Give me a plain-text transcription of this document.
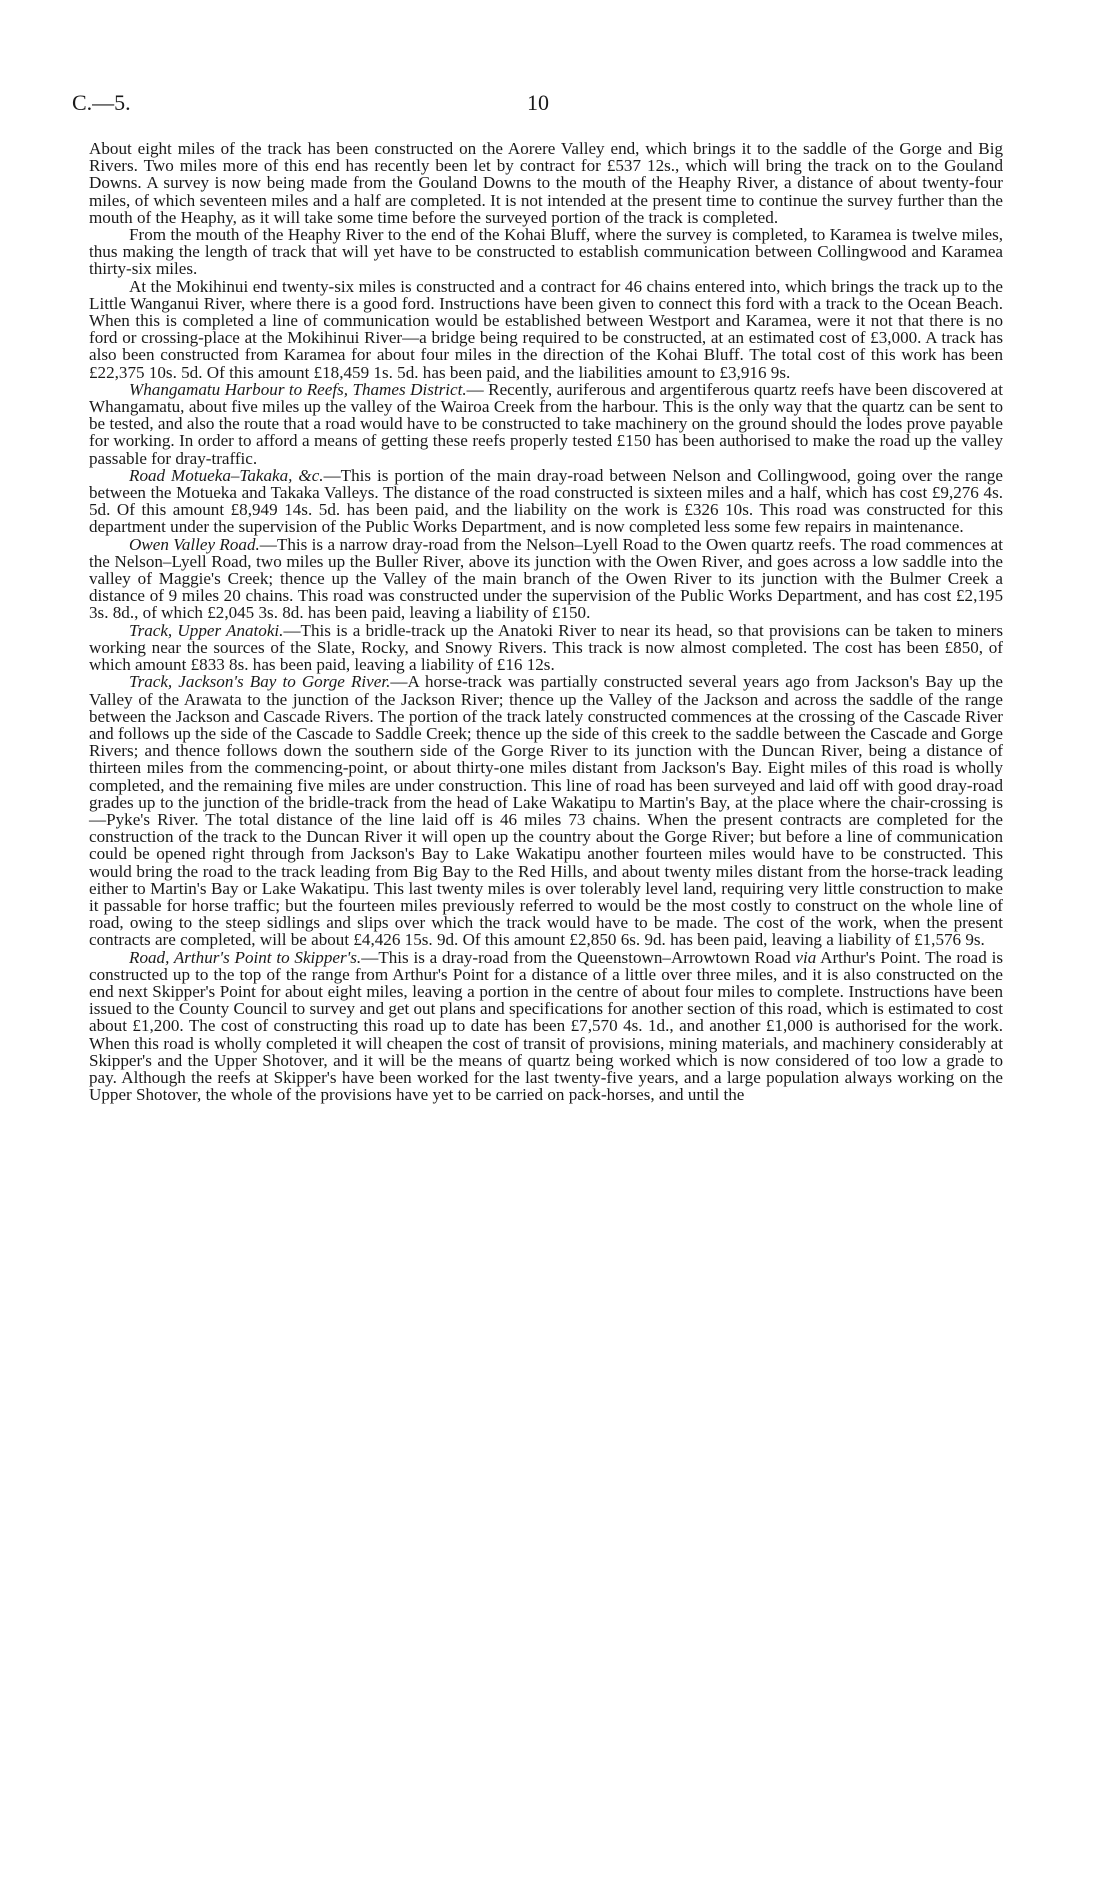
C.—5.	10

About eight miles of the track has been constructed on the Aorere Valley end, which brings it to the saddle of the Gorge and Big Rivers. Two miles more of this end has recently been let by contract for £537 12s., which will bring the track on to the Gouland Downs. A survey is now being made from the Gouland Downs to the mouth of the Heaphy River, a distance of about twenty-four miles, of which seventeen miles and a half are completed. It is not intended at the present time to continue the survey further than the mouth of the Heaphy, as it will take some time before the surveyed portion of the track is completed.

From the mouth of the Heaphy River to the end of the Kohai Bluff, where the survey is completed, to Karamea is twelve miles, thus making the length of track that will yet have to be constructed to establish communication between Collingwood and Karamea thirty-six miles.

At the Mokihinui end twenty-six miles is constructed and a contract for 46 chains entered into, which brings the track up to the Little Wanganui River, where there is a good ford. Instructions have been given to connect this ford with a track to the Ocean Beach. When this is completed a line of communication would be established between Westport and Karamea, were it not that there is no ford or crossing-place at the Mokihinui River—a bridge being required to be constructed, at an estimated cost of £3,000. A track has also been constructed from Karamea for about four miles in the direction of the Kohai Bluff. The total cost of this work has been £22,375 10s. 5d. Of this amount £18,459 1s. 5d. has been paid, and the liabilities amount to £3,916 9s.

Whangamatu Harbour to Reefs, Thames District.— Recently, auriferous and argentiferous quartz reefs have been discovered at Whangamatu, about five miles up the valley of the Wairoa Creek from the harbour. This is the only way that the quartz can be sent to be tested, and also the route that a road would have to be constructed to take machinery on the ground should the lodes prove payable for working. In order to afford a means of getting these reefs properly tested £150 has been authorised to make the road up the valley passable for dray-traffic.

Road Motueka–Takaka, &c.—This is portion of the main dray-road between Nelson and Collingwood, going over the range between the Motueka and Takaka Valleys. The distance of the road constructed is sixteen miles and a half, which has cost £9,276 4s. 5d. Of this amount £8,949 14s. 5d. has been paid, and the liability on the work is £326 10s. This road was constructed for this department under the supervision of the Public Works Department, and is now completed less some few repairs in maintenance.

Owen Valley Road.—This is a narrow dray-road from the Nelson–Lyell Road to the Owen quartz reefs. The road commences at the Nelson–Lyell Road, two miles up the Buller River, above its junction with the Owen River, and goes across a low saddle into the valley of Maggie's Creek; thence up the Valley of the main branch of the Owen River to its junction with the Bulmer Creek a distance of 9 miles 20 chains. This road was constructed under the supervision of the Public Works Department, and has cost £2,195 3s. 8d., of which £2,045 3s. 8d. has been paid, leaving a liability of £150.

Track, Upper Anatoki.—This is a bridle-track up the Anatoki River to near its head, so that provisions can be taken to miners working near the sources of the Slate, Rocky, and Snowy Rivers. This track is now almost completed. The cost has been £850, of which amount £833 8s. has been paid, leaving a liability of £16 12s.

Track, Jackson's Bay to Gorge River.—A horse-track was partially constructed several years ago from Jackson's Bay up the Valley of the Arawata to the junction of the Jackson River; thence up the Valley of the Jackson and across the saddle of the range between the Jackson and Cascade Rivers. The portion of the track lately constructed commences at the crossing of the Cascade River and follows up the side of the Cascade to Saddle Creek; thence up the side of this creek to the saddle between the Cascade and Gorge Rivers; and thence follows down the southern side of the Gorge River to its junction with the Duncan River, being a distance of thirteen miles from the commencing-point, or about thirty-one miles distant from Jackson's Bay. Eight miles of this road is wholly completed, and the remaining five miles are under construction. This line of road has been surveyed and laid off with good dray-road grades up to the junction of the bridle-track from the head of Lake Wakatipu to Martin's Bay, at the place where the chair-crossing is—Pyke's River. The total distance of the line laid off is 46 miles 73 chains. When the present contracts are completed for the construction of the track to the Duncan River it will open up the country about the Gorge River; but before a line of communication could be opened right through from Jackson's Bay to Lake Wakatipu another fourteen miles would have to be constructed. This would bring the road to the track leading from Big Bay to the Red Hills, and about twenty miles distant from the horse-track leading either to Martin's Bay or Lake Wakatipu. This last twenty miles is over tolerably level land, requiring very little construction to make it passable for horse traffic; but the fourteen miles previously referred to would be the most costly to construct on the whole line of road, owing to the steep sidlings and slips over which the track would have to be made. The cost of the work, when the present contracts are completed, will be about £4,426 15s. 9d. Of this amount £2,850 6s. 9d. has been paid, leaving a liability of £1,576 9s.

Road, Arthur's Point to Skipper's.—This is a dray-road from the Queenstown–Arrowtown Road via Arthur's Point. The road is constructed up to the top of the range from Arthur's Point for a distance of a little over three miles, and it is also constructed on the end next Skipper's Point for about eight miles, leaving a portion in the centre of about four miles to complete. Instructions have been issued to the County Council to survey and get out plans and specifications for another section of this road, which is estimated to cost about £1,200. The cost of constructing this road up to date has been £7,570 4s. 1d., and another £1,000 is authorised for the work. When this road is wholly completed it will cheapen the cost of transit of provisions, mining materials, and machinery considerably at Skipper's and the Upper Shotover, and it will be the means of quartz being worked which is now considered of too low a grade to pay. Although the reefs at Skipper's have been worked for the last twenty-five years, and a large population always working on the Upper Shotover, the whole of the provisions have yet to be carried on pack-horses, and until the
